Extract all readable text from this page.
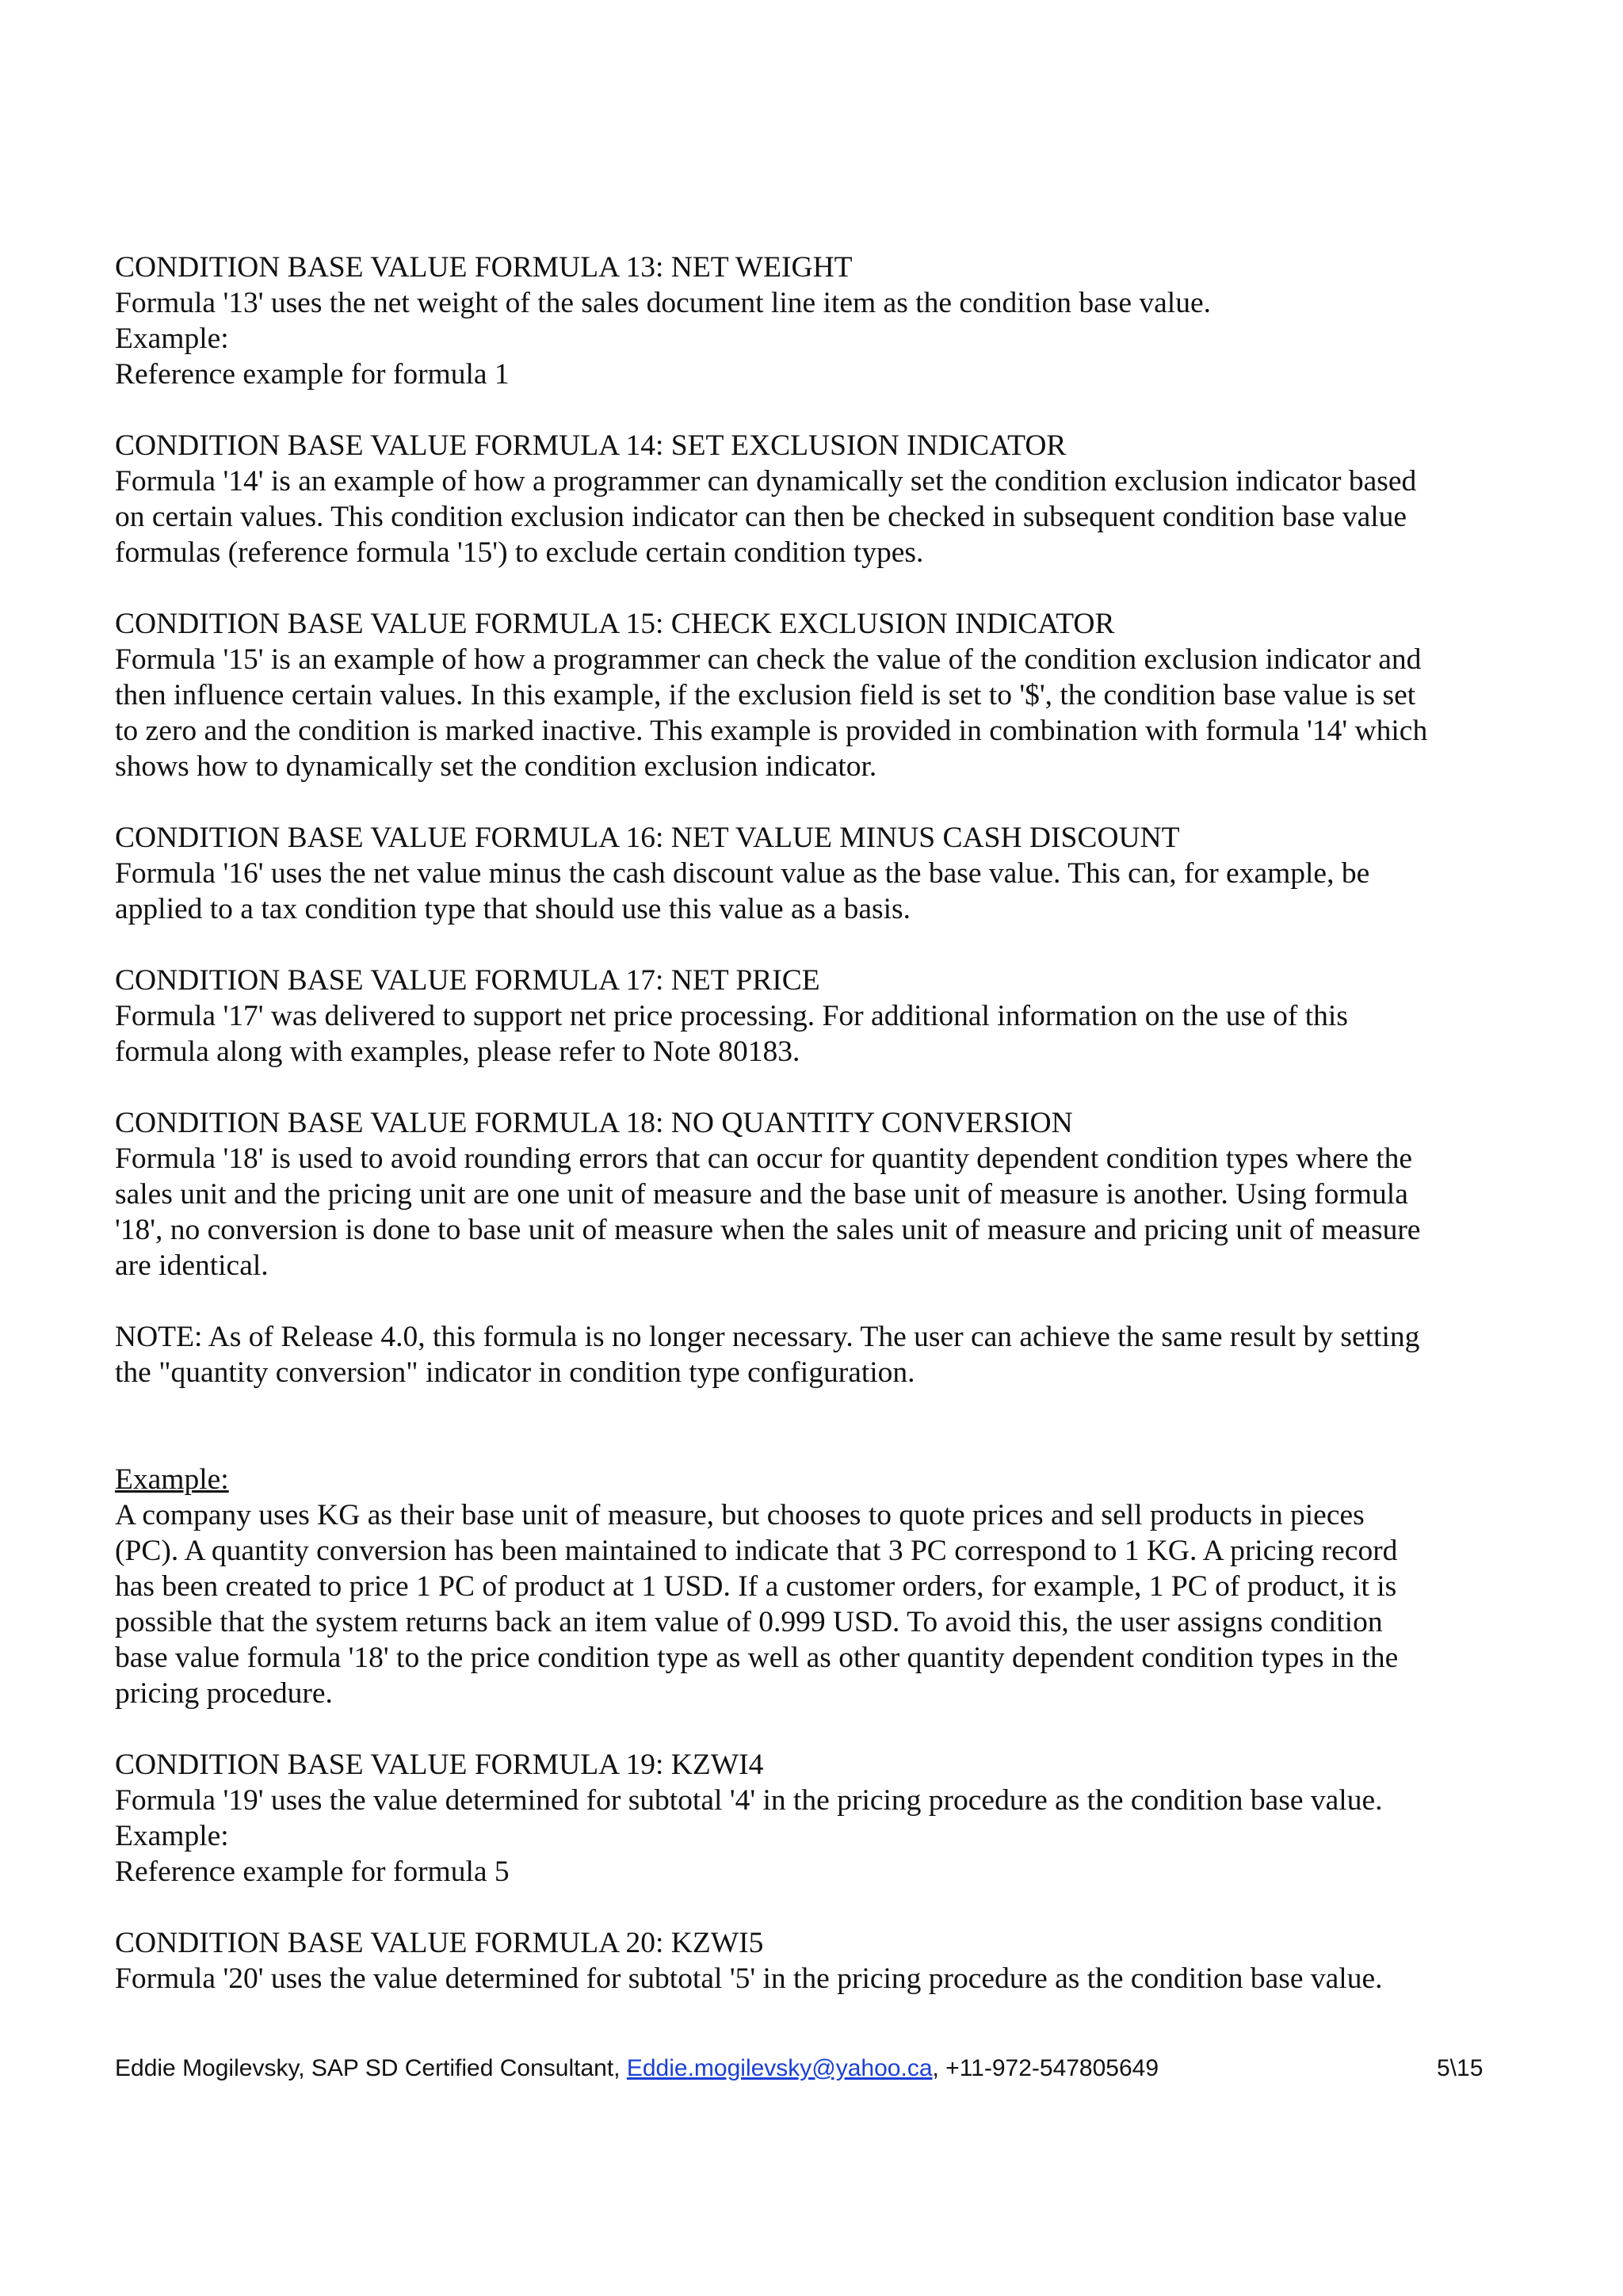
CONDITION BASE VALUE FORMULA 13: NET WEIGHT

Formula '13' uses the net weight of the sales document line item as the condition base value.

Example:

Reference example for formula 1

CONDITION BASE VALUE FORMULA 14: SET EXCLUSION INDICATOR

Formula '14' is an example of how a programmer can dynamically set the condition exclusion indicator based

on certain values. This condition exclusion indicator can then be checked in subsequent condition base value

formulas (reference formula '15') to exclude certain condition types.

CONDITION BASE VALUE FORMULA 15: CHECK EXCLUSION INDICATOR

Formula '15' is an example of how a programmer can check the value of the condition exclusion indicator and

then influence certain values. In this example, if the exclusion field is set to '$', the condition base value is set

to zero and the condition is marked inactive. This example is provided in combination with formula '14' which

shows how to dynamically set the condition exclusion indicator.

CONDITION BASE VALUE FORMULA 16: NET VALUE MINUS CASH DISCOUNT

Formula '16' uses the net value minus the cash discount value as the base value. This can, for example, be

applied to a tax condition type that should use this value as a basis.

CONDITION BASE VALUE FORMULA 17: NET PRICE

Formula '17' was delivered to support net price processing. For additional information on the use of this

formula along with examples, please refer to Note 80183.

CONDITION BASE VALUE FORMULA 18: NO QUANTITY CONVERSION

Formula '18' is used to avoid rounding errors that can occur for quantity dependent condition types where the

sales unit and the pricing unit are one unit of measure and the base unit of measure is another. Using formula

'18', no conversion is done to base unit of measure when the sales unit of measure and pricing unit of measure

are identical.

NOTE: As of Release 4.0, this formula is no longer necessary. The user can achieve the same result by setting

the "quantity conversion" indicator in condition type configuration.

Example:

A company uses KG as their base unit of measure, but chooses to quote prices and sell products in pieces

(PC). A quantity conversion has been maintained to indicate that 3 PC correspond to 1 KG. A pricing record

has been created to price 1 PC of product at 1 USD. If a customer orders, for example, 1 PC of product, it is

possible that the system returns back an item value of 0.999 USD. To avoid this, the user assigns condition

base value formula '18' to the price condition type as well as other quantity dependent condition types in the

pricing procedure.

CONDITION BASE VALUE FORMULA 19: KZWI4

Formula '19' uses the value determined for subtotal '4' in the pricing procedure as the condition base value.

Example:

Reference example for formula 5

CONDITION BASE VALUE FORMULA 20: KZWI5

Formula '20' uses the value determined for subtotal '5' in the pricing procedure as the condition base value.

Eddie Mogilevsky, SAP SD Certified Consultant, Eddie.mogilevsky@yahoo.ca, +11-972-547805649	5\15
